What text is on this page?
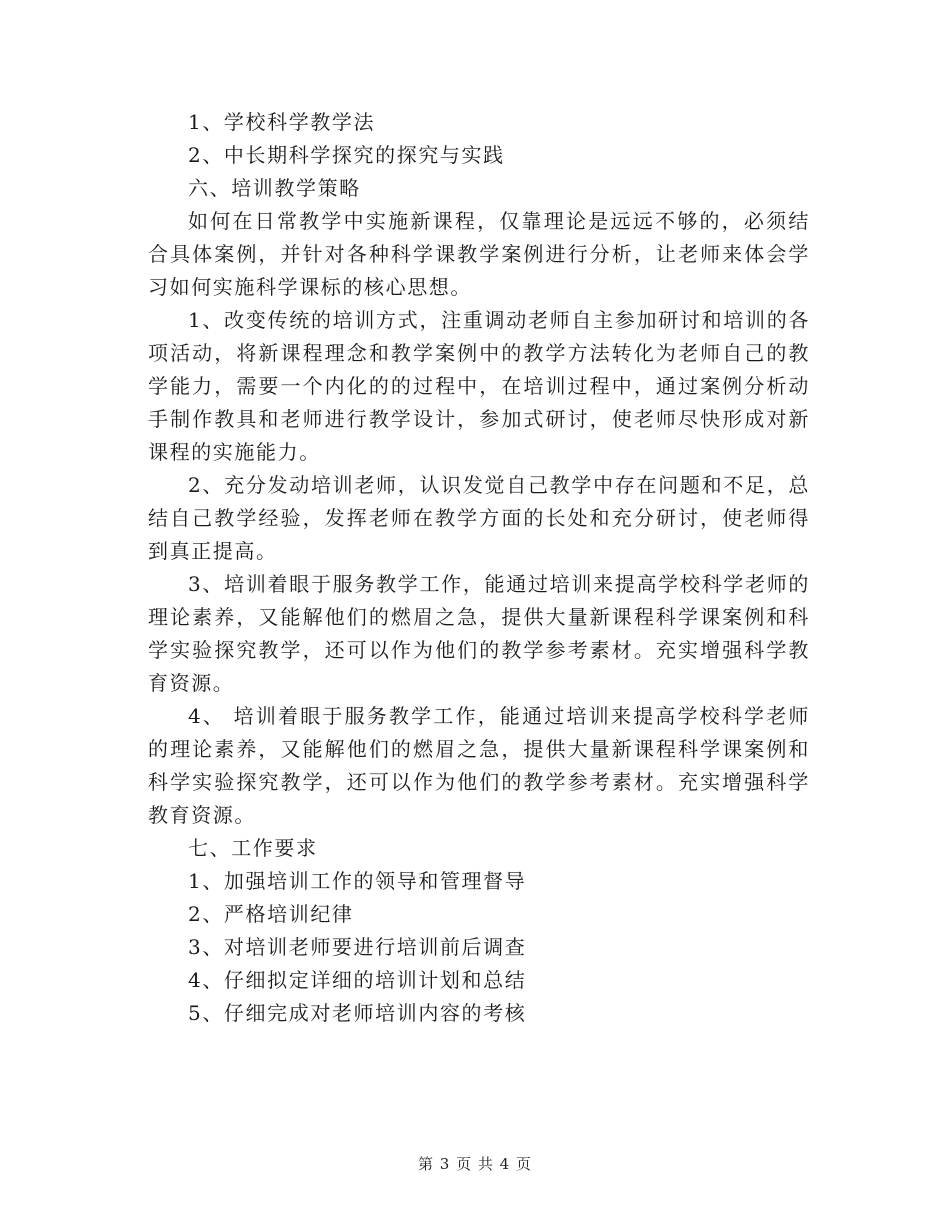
1、学校科学教学法

2、中长期科学探究的探究与实践

六、培训教学策略

如何在日常教学中实施新课程，仅靠理论是远远不够的，必须结合具体案例，并针对各种科学课教学案例进行分析，让老师来体会学习如何实施科学课标的核心思想。

1、改变传统的培训方式，注重调动老师自主参加研讨和培训的各项活动，将新课程理念和教学案例中的教学方法转化为老师自己的教学能力，需要一个内化的的过程中，在培训过程中，通过案例分析动手制作教具和老师进行教学设计，参加式研讨，使老师尽快形成对新课程的实施能力。

2、充分发动培训老师，认识发觉自己教学中存在问题和不足，总结自己教学经验，发挥老师在教学方面的长处和充分研讨，使老师得到真正提高。

3、培训着眼于服务教学工作，能通过培训来提高学校科学老师的理论素养，又能解他们的燃眉之急，提供大量新课程科学课案例和科学实验探究教学，还可以作为他们的教学参考素材。充实增强科学教育资源。

4、 培训着眼于服务教学工作，能通过培训来提高学校科学老师的理论素养，又能解他们的燃眉之急，提供大量新课程科学课案例和科学实验探究教学，还可以作为他们的教学参考素材。充实增强科学教育资源。

七、工作要求

1、加强培训工作的领导和管理督导

2、严格培训纪律

3、对培训老师要进行培训前后调查

4、仔细拟定详细的培训计划和总结

5、仔细完成对老师培训内容的考核

第 3 页 共 4 页
